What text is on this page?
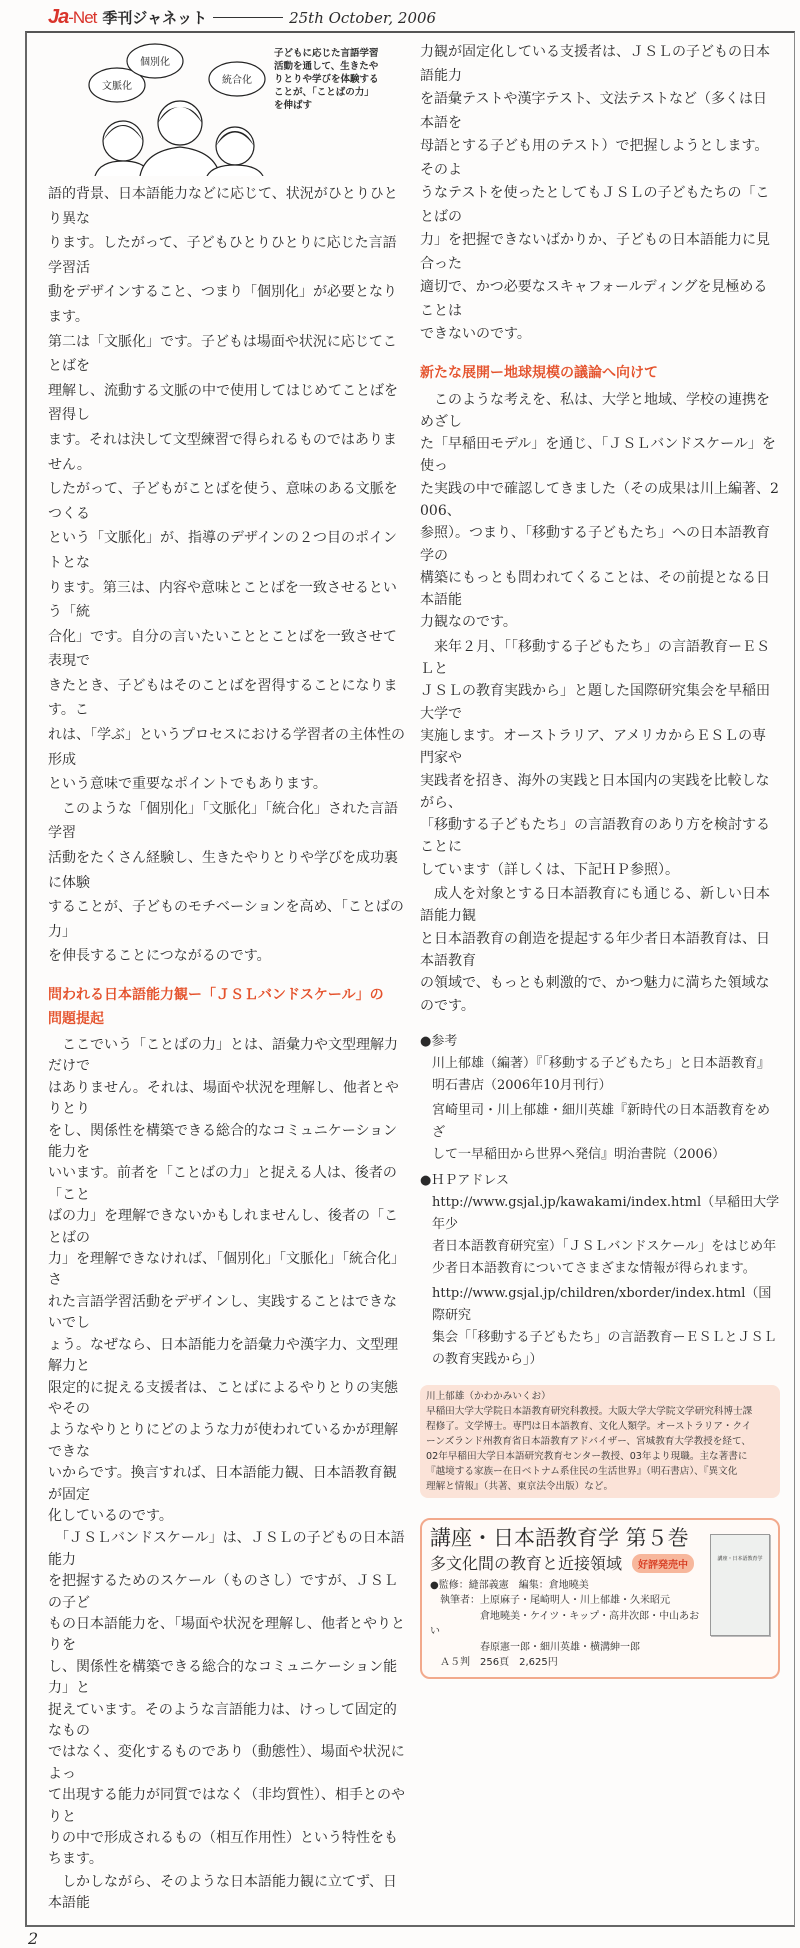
Ja-Net 季刊ジャネット	25th October, 2006
文脈化
個別化
統合化
子どもに応じた言語学習
活動を通して、生きたや
りとりや学びを体験する
ことが、「ことばの力」
を伸ばす
語的背景、日本語能力などに応じて、状況がひとりひとり異な
ります。したがって、子どもひとりひとりに応じた言語学習活
動をデザインすること、つまり「個別化」が必要となります。
第二は「文脈化」です。子どもは場面や状況に応じてことばを
理解し、流動する文脈の中で使用してはじめてことばを習得し
ます。それは決して文型練習で得られるものではありません。
したがって、子どもがことばを使う、意味のある文脈をつくる
という「文脈化」が、指導のデザインの２つ目のポイントとな
ります。第三は、内容や意味とことばを一致させるという「統
合化」です。自分の言いたいこととことばを一致させて表現で
きたとき、子どもはそのことばを習得することになります。こ
れは、「学ぶ」というプロセスにおける学習者の主体性の形成
という意味で重要なポイントでもあります。
　このような「個別化」「文脈化」「統合化」された言語学習
活動をたくさん経験し、生きたやりとりや学びを成功裏に体験
することが、子どものモチベーションを高め、「ことばの力」
を伸長することにつながるのです。
問われる日本語能力観ー「ＪＳＬバンドスケール」の
問題提起
　ここでいう「ことばの力」とは、語彙力や文型理解力だけで
はありません。それは、場面や状況を理解し、他者とやりとり
をし、関係性を構築できる総合的なコミュニケーション能力を
いいます。前者を「ことばの力」と捉える人は、後者の「こと
ばの力」を理解できないかもしれませんし、後者の「ことばの
力」を理解できなければ、「個別化」「文脈化」「統合化」さ
れた言語学習活動をデザインし、実践することはできないでし
ょう。なぜなら、日本語能力を語彙力や漢字力、文型理解力と
限定的に捉える支援者は、ことばによるやりとりの実態やその
ようなやりとりにどのような力が使われているかが理解できな
いからです。換言すれば、日本語能力観、日本語教育観が固定
化しているのです。
　「ＪＳＬバンドスケール」は、ＪＳＬの子どもの日本語能力
を把握するためのスケール（ものさし）ですが、ＪＳＬの子ど
もの日本語能力を、「場面や状況を理解し、他者とやりとりを
し、関係性を構築できる総合的なコミュニケーション能力」と
捉えています。そのような言語能力は、けっして固定的なもの
ではなく、変化するものであり（動態性）、場面や状況によっ
て出現する能力が同質ではなく（非均質性）、相手とのやりと
りの中で形成されるもの（相互作用性）という特性をもちます。
　しかしながら、そのような日本語能力観に立てず、日本語能
力観が固定化している支援者は、ＪＳＬの子どもの日本語能力
を語彙テストや漢字テスト、文法テストなど（多くは日本語を
母語とする子ども用のテスト）で把握しようとします。そのよ
うなテストを使ったとしてもＪＳＬの子どもたちの「ことばの
力」を把握できないばかりか、子どもの日本語能力に見合った
適切で、かつ必要なスキャフォールディングを見極めることは
できないのです。
新たな展開ー地球規模の議論へ向けて
　このような考えを、私は、大学と地域、学校の連携をめざし
た「早稲田モデル」を通じ、「ＪＳＬバンドスケール」を使っ
た実践の中で確認してきました（その成果は川上編著、2006、
参照）。つまり、「移動する子どもたち」への日本語教育学の
構築にもっとも問われてくることは、その前提となる日本語能
力観なのです。
　来年２月、「「移動する子どもたち」の言語教育ーＥＳＬと
ＪＳＬの教育実践から」と題した国際研究集会を早稲田大学で
実施します。オーストラリア、アメリカからＥＳＬの専門家や
実践者を招き、海外の実践と日本国内の実践を比較しながら、
「移動する子どもたち」の言語教育のあり方を検討することに
しています（詳しくは、下記ＨＰ参照）。
　成人を対象とする日本語教育にも通じる、新しい日本語能力観
と日本語教育の創造を提起する年少者日本語教育は、日本語教育
の領域で、もっとも刺激的で、かつ魅力に満ちた領域なのです。
●参考
川上郁雄（編著）『「移動する子どもたち」と日本語教育』
明石書店（2006年10月刊行）
宮崎里司・川上郁雄・細川英雄『新時代の日本語教育をめざ
して一早稲田から世界へ発信』明治書院（2006）
●ＨＰアドレス
http://www.gsjal.jp/kawakami/index.html（早稲田大学年少
者日本語教育研究室）「ＪＳＬバンドスケール」をはじめ年
少者日本語教育についてさまざまな情報が得られます。
http://www.gsjal.jp/children/xborder/index.html（国際研究
集会「「移動する子どもたち」の言語教育ーＥＳＬとＪＳＬ
の教育実践から」）
川上郁雄（かわかみいくお）
早稲田大学大学院日本語教育研究科教授。大阪大学大学院文学研究科博士課
程修了。文学博士。専門は日本語教育、文化人類学。オーストラリア・クイ
ーンズランド州教育省日本語教育アドバイザー、宮城教育大学教授を経て、
02年早稲田大学日本語研究教育センター教授、03年より現職。主な著書に
『越境する家族ー在日ベトナム系住民の生活世界』（明石書店）、『異文化
理解と情報』（共著、東京法令出版）など。
講座・日本語教育学 第５巻
多文化間の教育と近接領域	好評発売中
●監修：縫部義憲　編集：倉地曉美
　執筆者：上原麻子・尾崎明人・川上郁雄・久米昭元
　　　　　倉地曉美・ケイツ・キップ・高井次郎・中山あおい
　　　　　春原憲一郎・細川英雄・横溝紳一郎
　Ａ５判　256頁　2,625円
講座・日本語教育学
2
